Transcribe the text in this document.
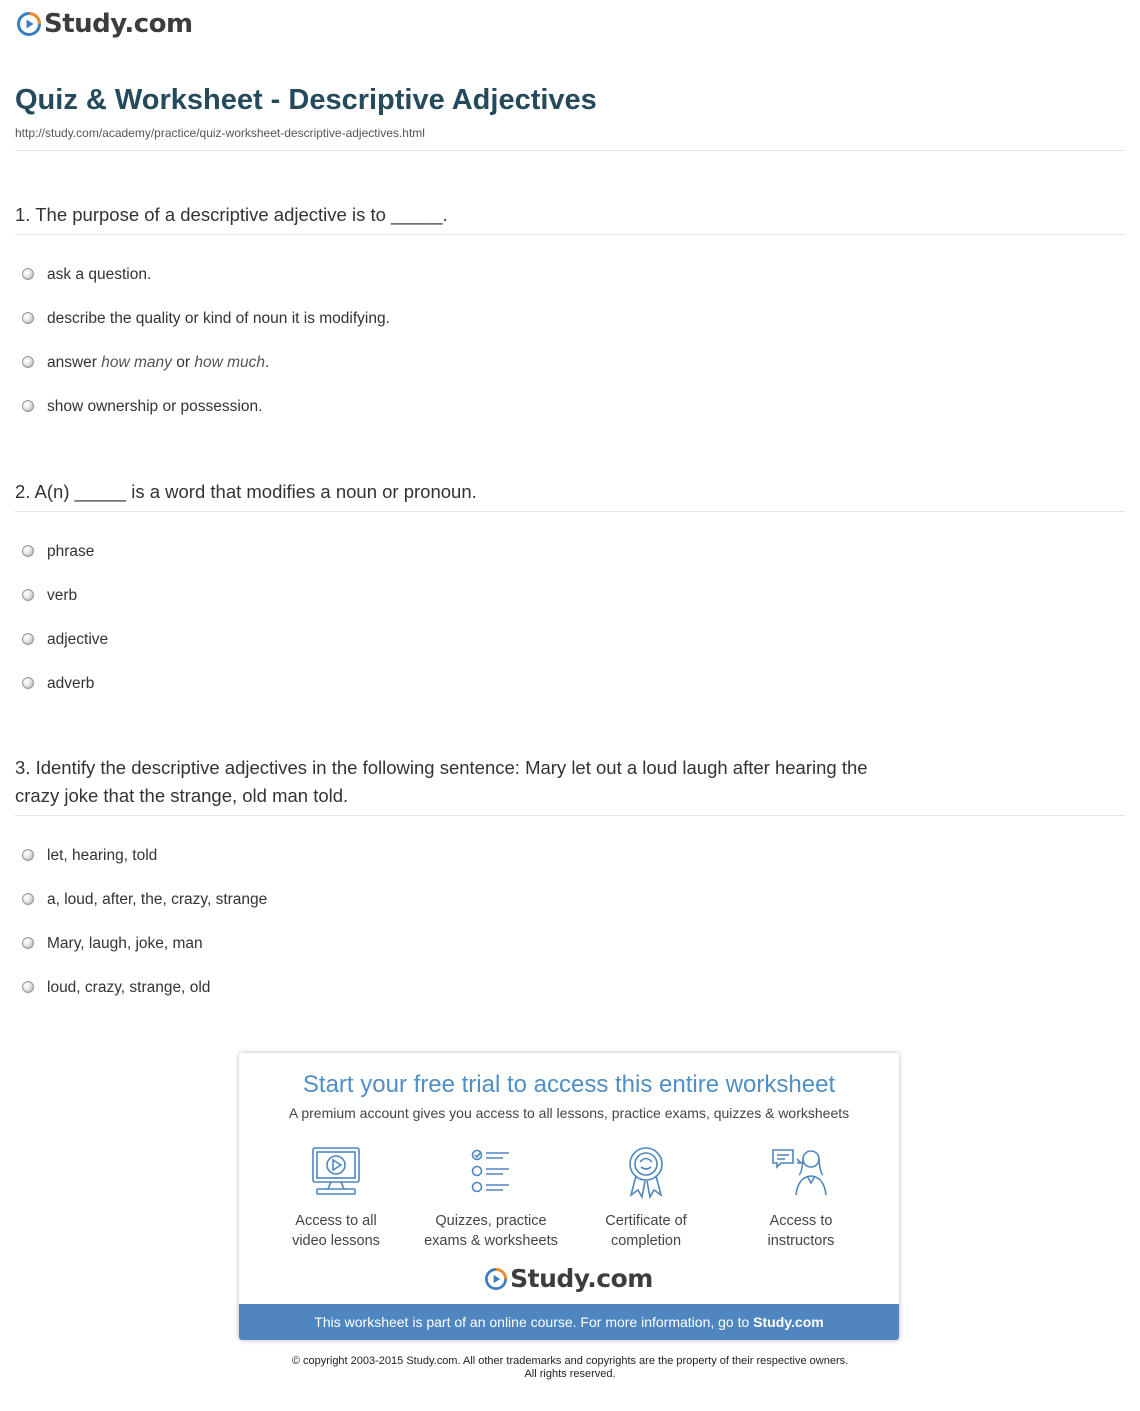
Study.com
Quiz & Worksheet - Descriptive Adjectives
http://study.com/academy/practice/quiz-worksheet-descriptive-adjectives.html
1. The purpose of a descriptive adjective is to _____.
ask a question.
describe the quality or kind of noun it is modifying.
answer how many or how much.
show ownership or possession.
2. A(n) _____ is a word that modifies a noun or pronoun.
phrase
verb
adjective
adverb
3. Identify the descriptive adjectives in the following sentence: Mary let out a loud laugh after hearing the crazy joke that the strange, old man told.
let, hearing, told
a, loud, after, the, crazy, strange
Mary, laugh, joke, man
loud, crazy, strange, old
Start your free trial to access this entire worksheet
A premium account gives you access to all lessons, practice exams, quizzes & worksheets
Access to all
video lessons
Quizzes, practice
exams & worksheets
Certificate of
completion
Access to
instructors
Study.com
This worksheet is part of an online course. For more information, go to Study.com
© copyright 2003-2015 Study.com. All other trademarks and copyrights are the property of their respective owners.
All rights reserved.
